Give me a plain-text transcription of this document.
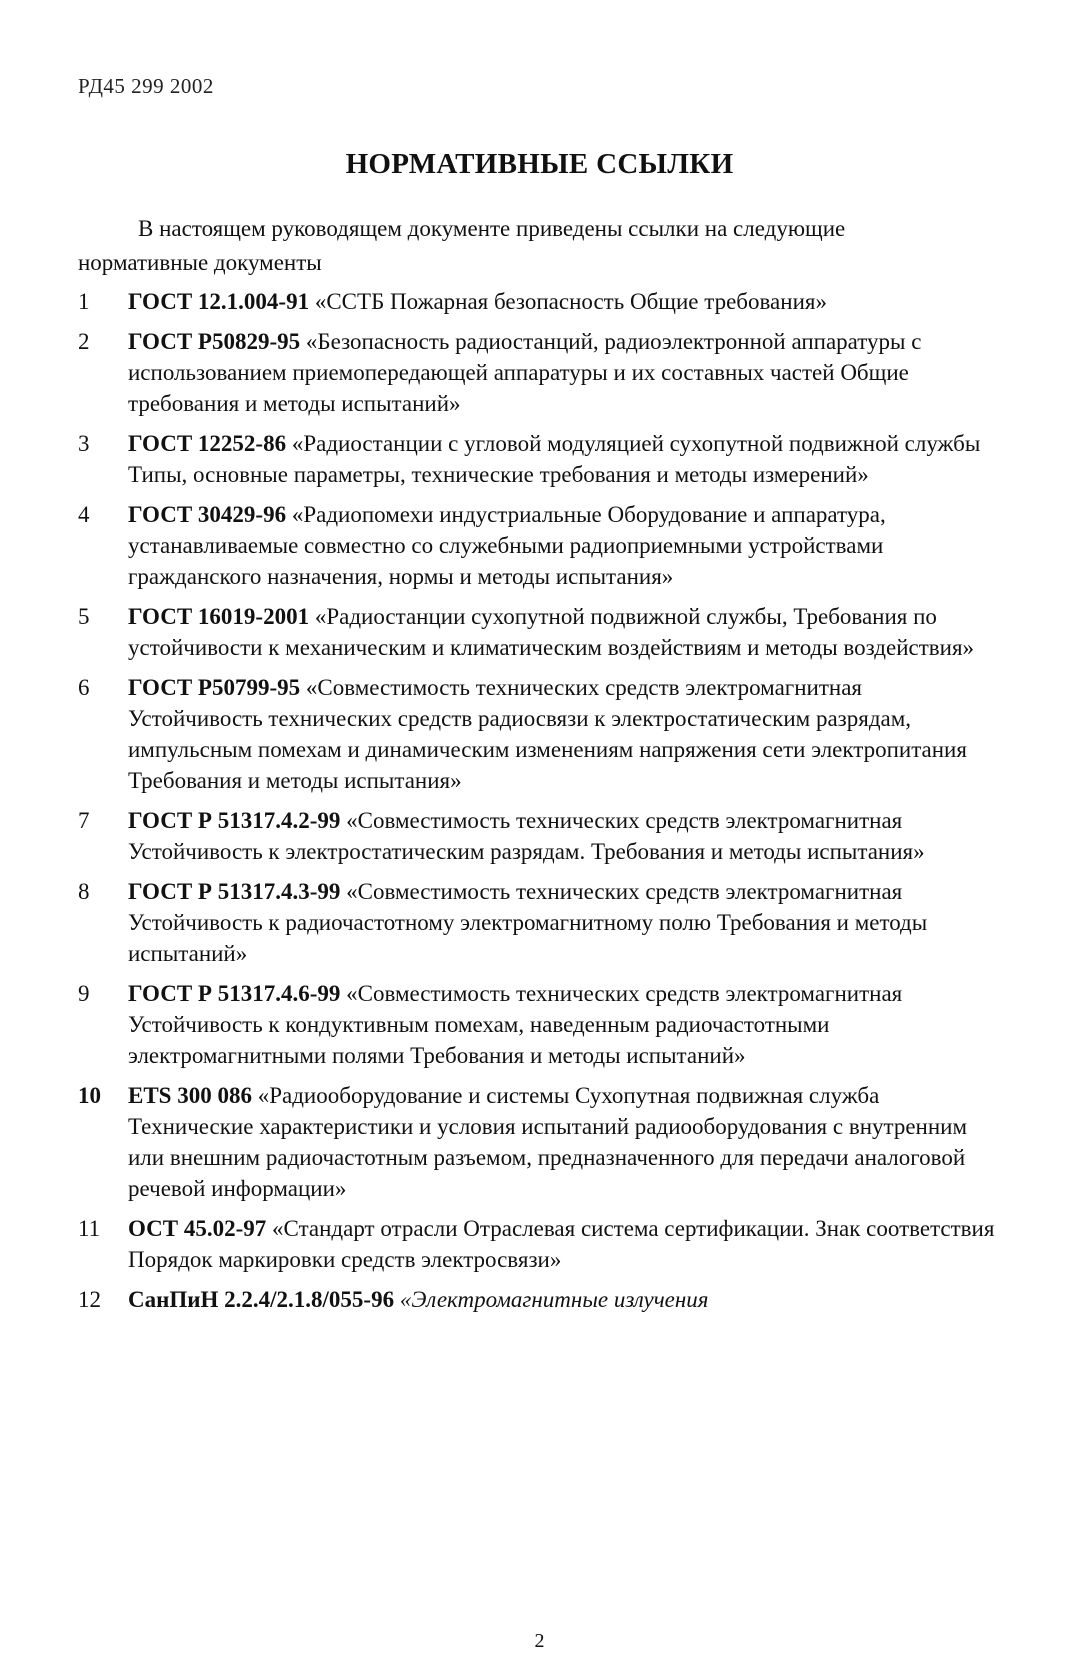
РД45 299 2002
НОРМАТИВНЫЕ ССЫЛКИ
В настоящем руководящем документе приведены ссылки на следующие нормативные документы
1	ГОСТ 12.1.004-91 «ССТБ Пожарная безопасность Общие требования»
2	ГОСТ Р50829-95 «Безопасность радиостанций, радиоэлектронной аппаратуры с использованием приемопередающей аппаратуры и их составных частей Общие требования и методы испытаний»
3	ГОСТ 12252-86 «Радиостанции с угловой модуляцией сухопутной подвижной службы Типы, основные параметры, технические требования и методы измерений»
4	ГОСТ 30429-96 «Радиопомехи индустриальные Оборудование и аппаратура, устанавливаемые совместно со служебными радиоприемными устройствами гражданского назначения, нормы и методы испытания»
5	ГОСТ 16019-2001 «Радиостанции сухопутной подвижной службы, Требования по устойчивости к механическим и климатическим воздействиям и методы воздействия»
6	ГОСТ Р50799-95 «Совместимость технических средств электромагнитная Устойчивость технических средств радиосвязи к электростатическим разрядам, импульсным помехам и динамическим изменениям напряжения сети электропитания Требования и методы испытания»
7	ГОСТ Р 51317.4.2-99 «Совместимость технических средств электромагнитная Устойчивость к электростатическим разрядам. Требования и методы испытания»
8	ГОСТ Р 51317.4.3-99 «Совместимость технических средств электромагнитная Устойчивость к радиочастотному электромагнитному полю Требования и методы испытаний»
9	ГОСТ Р 51317.4.6-99 «Совместимость технических средств электромагнитная Устойчивость к кондуктивным помехам, наведенным радиочастотными электромагнитными полями Требования и методы испытаний»
10	ETS 300 086 «Радиооборудование и системы Сухопутная подвижная служба Технические характеристики и условия испытаний радиооборудования с внутренним или внешним радиочастотным разъемом, предназначенного для передачи аналоговой речевой информации»
11	ОСТ 45.02-97 «Стандарт отрасли Отраслевая система сертификации. Знак соответствия Порядок маркировки средств электросвязи»
12	СанПиН 2.2.4/2.1.8/055-96 «Электромагнитные излучения
2
